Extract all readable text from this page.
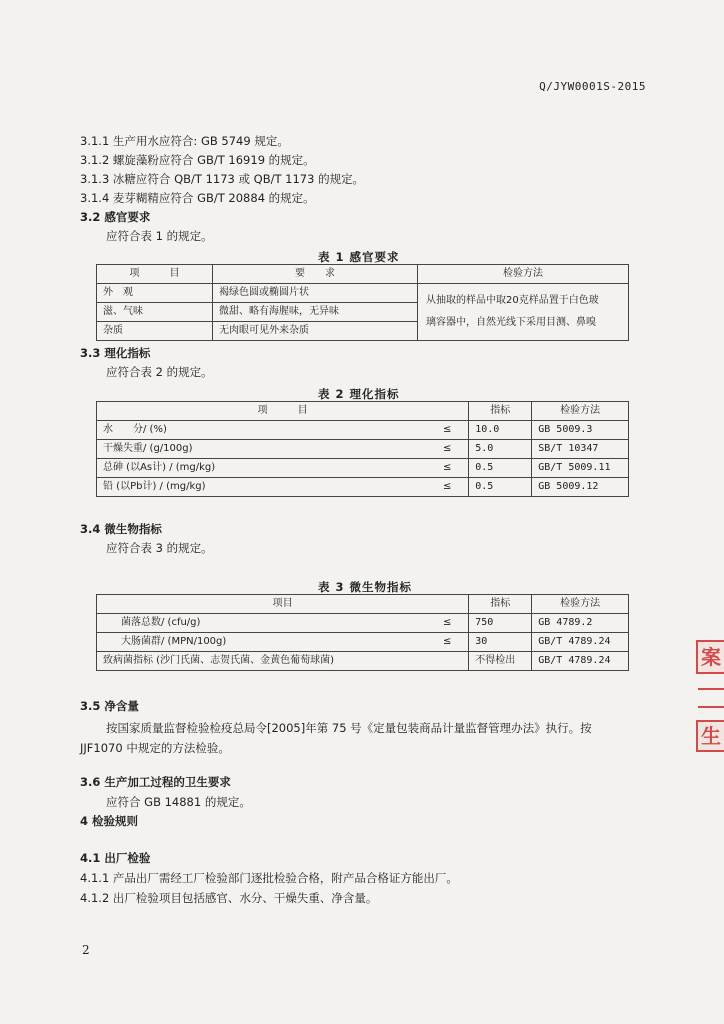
Q/JYW0001S-2015
3.1.1 生产用水应符合: GB 5749 规定。
3.1.2 螺旋藻粉应符合 GB/T 16919 的规定。
3.1.3 冰糖应符合 QB/T 1173 或 QB/T 1173 的规定。
3.1.4 麦芽糊精应符合 GB/T 20884 的规定。
3.2 感官要求
应符合表 1 的规定。
表 1 感官要求
项　　　目	要　　求	检验方法
外　观	褐绿色圆或椭圆片状	从抽取的样品中取20克样品置于白色玻
璃容器中，自然光线下采用目测、鼻嗅

滋、气味	微甜、略有海腥味，无异味	
杂质	无肉眼可见外来杂质	
3.3 理化指标
应符合表 2 的规定。
表 2 理化指标
项　　　目		指标	检验方法
水　　分/ (%)	≤	10.0	GB 5009.3
干燥失重/ (g/100g)	≤	5.0	SB/T 10347
总砷 (以As计) / (mg/kg)	≤	0.5	GB/T 5009.11
铅 (以Pb计) / (mg/kg)	≤	0.5	GB 5009.12
3.4 微生物指标
应符合表 3 的规定。
表 3 微生物指标
项目		指标	检验方法
菌落总数/ (cfu/g)	≤	750	GB 4789.2
大肠菌群/ (MPN/100g)	≤	30	GB/T 4789.24
致病菌指标 (沙门氏菌、志贺氏菌、金黄色葡萄球菌)		不得检出	GB/T 4789.24
3.5 净含量
按国家质量监督检验检疫总局令[2005]年第 75 号《定量包装商品计量监督管理办法》执行。按
JJF1070 中规定的方法检验。
3.6 生产加工过程的卫生要求
应符合 GB 14881 的规定。
4 检验规则
4.1 出厂检验
4.1.1 产品出厂需经工厂检验部门逐批检验合格，附产品合格证方能出厂。
4.1.2 出厂检验项目包括感官、水分、干燥失重、净含量。
案
生
2
